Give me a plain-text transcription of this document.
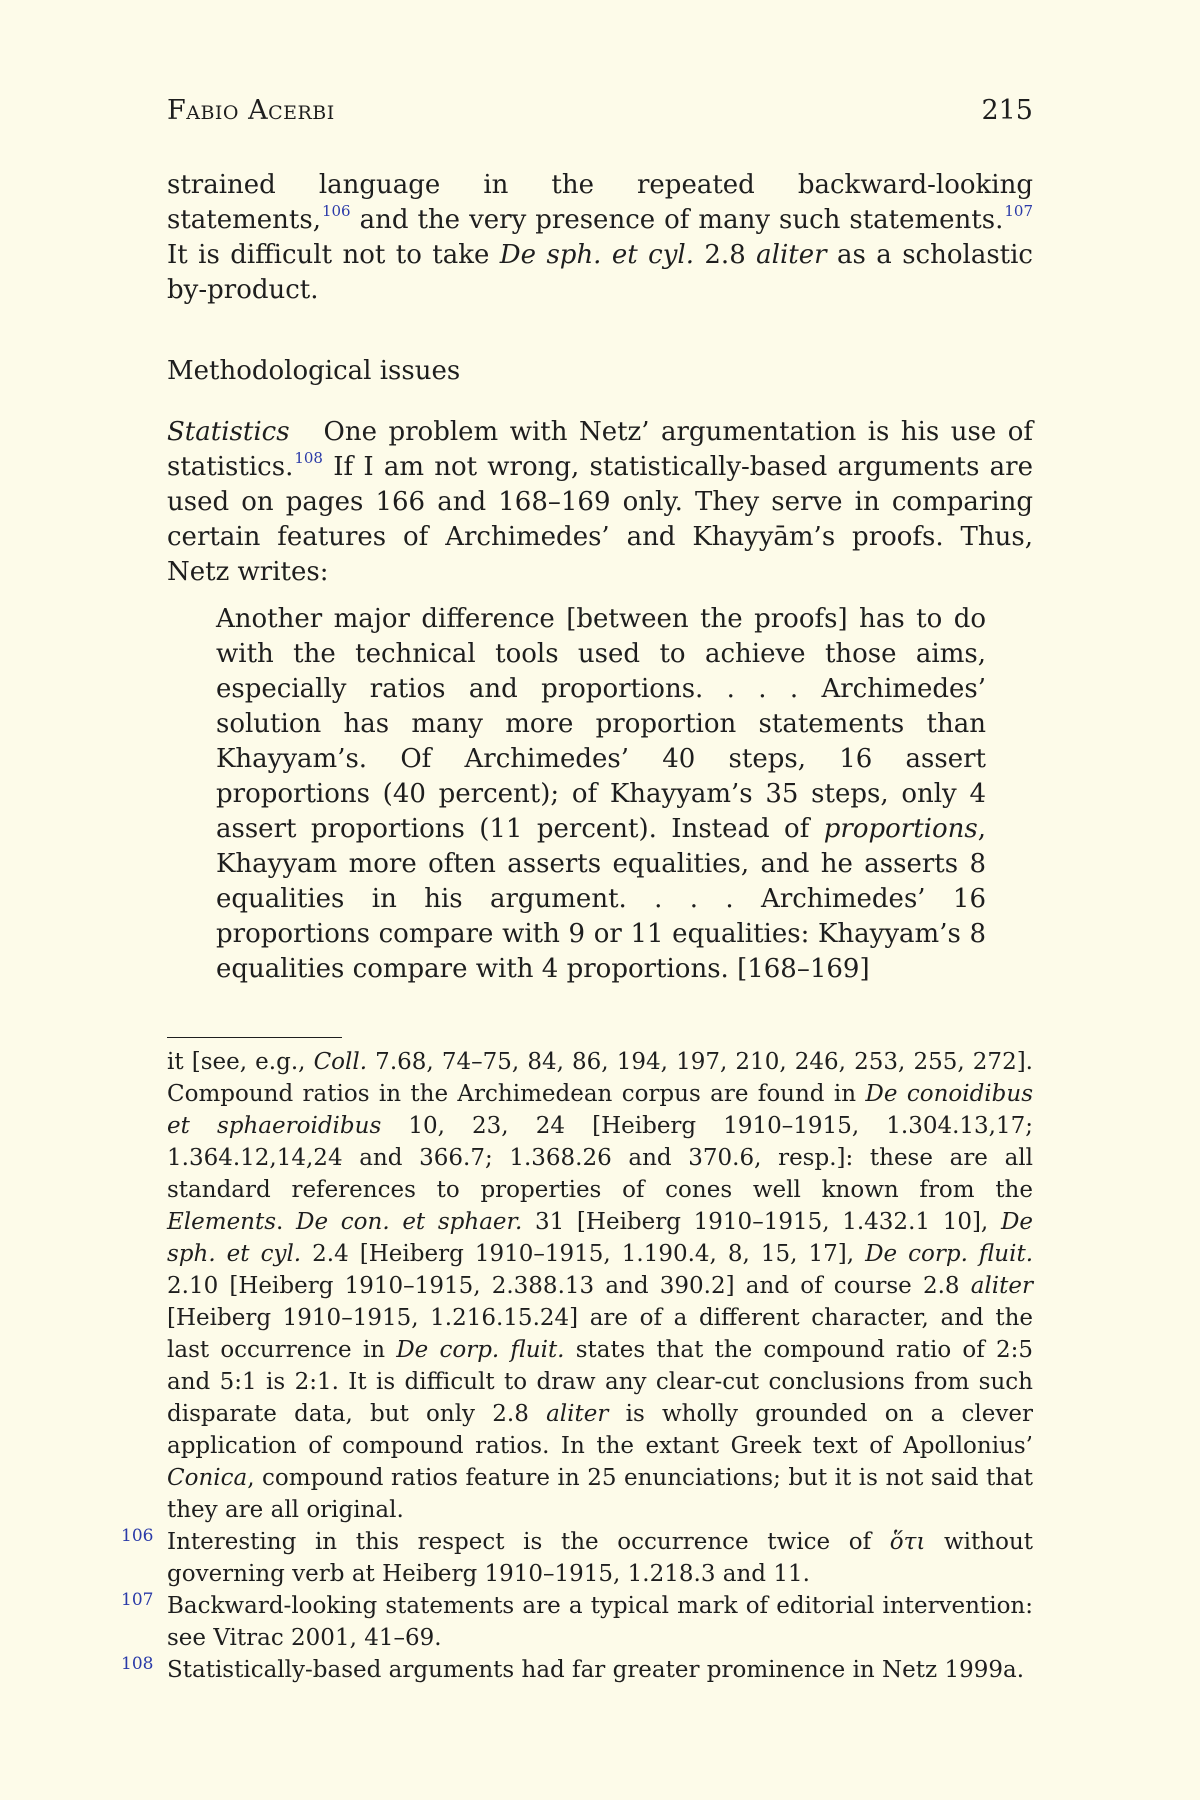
Fabio Acerbi	215

strained language in the repeated backward-looking statements,$^{106}$ and the very presence of many such statements.$^{107}$ It is difficult not to take De sph. et cyl. 2.8 aliter as a scholastic by-product.

Methodological issues

Statistics One problem with Netz’ argumentation is his use of statistics.$^{108}$ If I am not wrong, statistically-based arguments are used on pages 166 and 168–169 only. They serve in comparing certain features of Archimedes’ and Khayyām’s proofs. Thus, Netz writes:

Another major difference [between the proofs] has to do with the technical tools used to achieve those aims, especially ratios and proportions. . . . Archimedes’ solution has many more proportion statements than Khayyam’s. Of Archimedes’ 40 steps, 16 assert proportions (40 percent); of Khayyam’s 35 steps, only 4 assert proportions (11 percent). Instead of proportions, Khayyam more often asserts equalities, and he asserts 8 equalities in his argument. . . . Archimedes’ 16 proportions compare with 9 or 11 equalities: Khayyam’s 8 equalities compare with 4 proportions. [168–169]
it [see, e.g., Coll. 7.68, 74–75, 84, 86, 194, 197, 210, 246, 253, 255, 272]. Compound ratios in the Archimedean corpus are found in De conoidibus et sphaeroidibus 10, 23, 24 [Heiberg 1910–1915, 1.304.13,17; 1.364.12,14,24 and 366.7; 1.368.26 and 370.6, resp.]: these are all standard references to properties of cones well known from the Elements. De con. et sphaer. 31 [Heiberg 1910–1915, 1.432.1 10], De sph. et cyl. 2.4 [Heiberg 1910–1915, 1.190.4, 8, 15, 17], De corp. fluit. 2.10 [Heiberg 1910–1915, 2.388.13 and 390.2] and of course 2.8 aliter [Heiberg 1910–1915, 1.216.15.24] are of a different character, and the last occurrence in De corp. fluit. states that the compound ratio of 2:5 and 5:1 is 2:1. It is difficult to draw any clear-cut conclusions from such disparate data, but only 2.8 aliter is wholly grounded on a clever application of compound ratios. In the extant Greek text of Apollonius’ Conica, compound ratios feature in 25 enunciations; but it is not said that they are all original.
106 Interesting in this respect is the occurrence twice of ὅτι without governing verb at Heiberg 1910–1915, 1.218.3 and 11.
107 Backward-looking statements are a typical mark of editorial intervention: see Vitrac 2001, 41–69.
108 Statistically-based arguments had far greater prominence in Netz 1999a.
